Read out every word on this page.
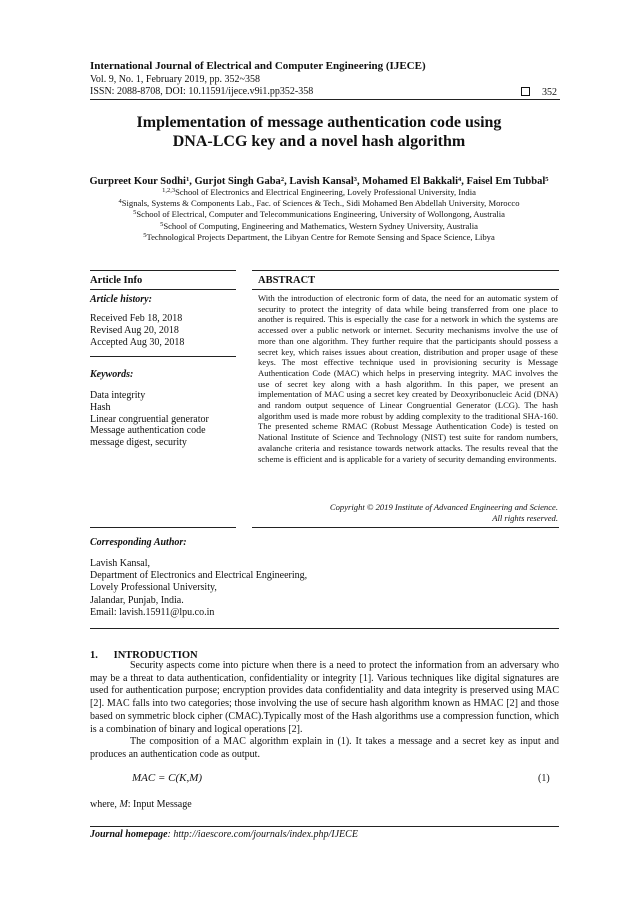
International Journal of Electrical and Computer Engineering (IJECE)
Vol. 9, No. 1, February 2019, pp. 352~358
ISSN: 2088-8708, DOI: 10.11591/ijece.v9i1.pp352-358	352
Implementation of message authentication code using
DNA-LCG key and a novel hash algorithm
Gurpreet Kour Sodhi$^1$, Gurjot Singh Gaba$^2$, Lavish Kansal$^3$, Mohamed El Bakkali$^4$, Faisel Em Tubbal$^5$
$^{1,2,3}$School of Electronics and Electrical Engineering, Lovely Professional University, India
$^4$Signals, Systems & Components Lab., Fac. of Sciences & Tech., Sidi Mohamed Ben Abdellah University, Morocco
$^5$School of Electrical, Computer and Telecommunications Engineering, University of Wollongong, Australia
$^5$School of Computing, Engineering and Mathematics, Western Sydney University, Australia
$^5$Technological Projects Department, the Libyan Centre for Remote Sensing and Space Science, Libya
Article Info	ABSTRACT
Article history:
Received Feb 18, 2018
Revised Aug 20, 2018
Accepted Aug 30, 2018
Keywords:
Data integrity
Hash
Linear congruential generator
Message authentication code
message digest, security
With the introduction of electronic form of data, the need for an automatic system of security to protect the integrity of data while being transferred from one place to another is required. This is especially the case for a network in which the systems are accessed over a public network or internet. Security mechanisms involve the use of more than one algorithm. They further require that the participants should possess a secret key, which raises issues about creation, distribution and proper usage of these keys. The most effective technique used in provisioning security is Message Authentication Code (MAC) which helps in preserving integrity. MAC involves the use of secret key along with a hash algorithm. In this paper, we present an implementation of MAC using a secret key created by Deoxyribonucleic Acid (DNA) and random output sequence of Linear Congruential Generator (LCG). The hash algorithm used is made more robust by adding complexity to the traditional SHA-160. The presented scheme RMAC (Robust Message Authentication Code) is tested on National Institute of Science and Technology (NIST) test suite for random numbers, avalanche criteria and resistance towards network attacks. The results reveal that the scheme is efficient and is applicable for a variety of security demanding environments.
Copyright © 2019 Institute of Advanced Engineering and Science.
All rights reserved.
Corresponding Author:
Lavish Kansal,
Department of Electronics and Electrical Engineering,
Lovely Professional University,
Jalandar, Punjab, India.
Email: lavish.15911@lpu.co.in
1.      INTRODUCTION
Security aspects come into picture when there is a need to protect the information from an adversary who may be a threat to data authentication, confidentiality or integrity [1]. Various techniques like digital signatures are used for authentication purpose; encryption provides data confidentiality and data integrity is preserved using MAC [2]. MAC falls into two categories; those involving the use of secure hash algorithm known as HMAC [2] and those based on symmetric block cipher (CMAC).Typically most of the Hash algorithms use a compression function, which is a combination of binary and logical operations [2].
The composition of a MAC algorithm explain in (1). It takes a message and a secret key as input and produces an authentication code as output.
MAC = C(K,M)	(1)
where, M: Input Message
Journal homepage: http://iaescore.com/journals/index.php/IJECE
